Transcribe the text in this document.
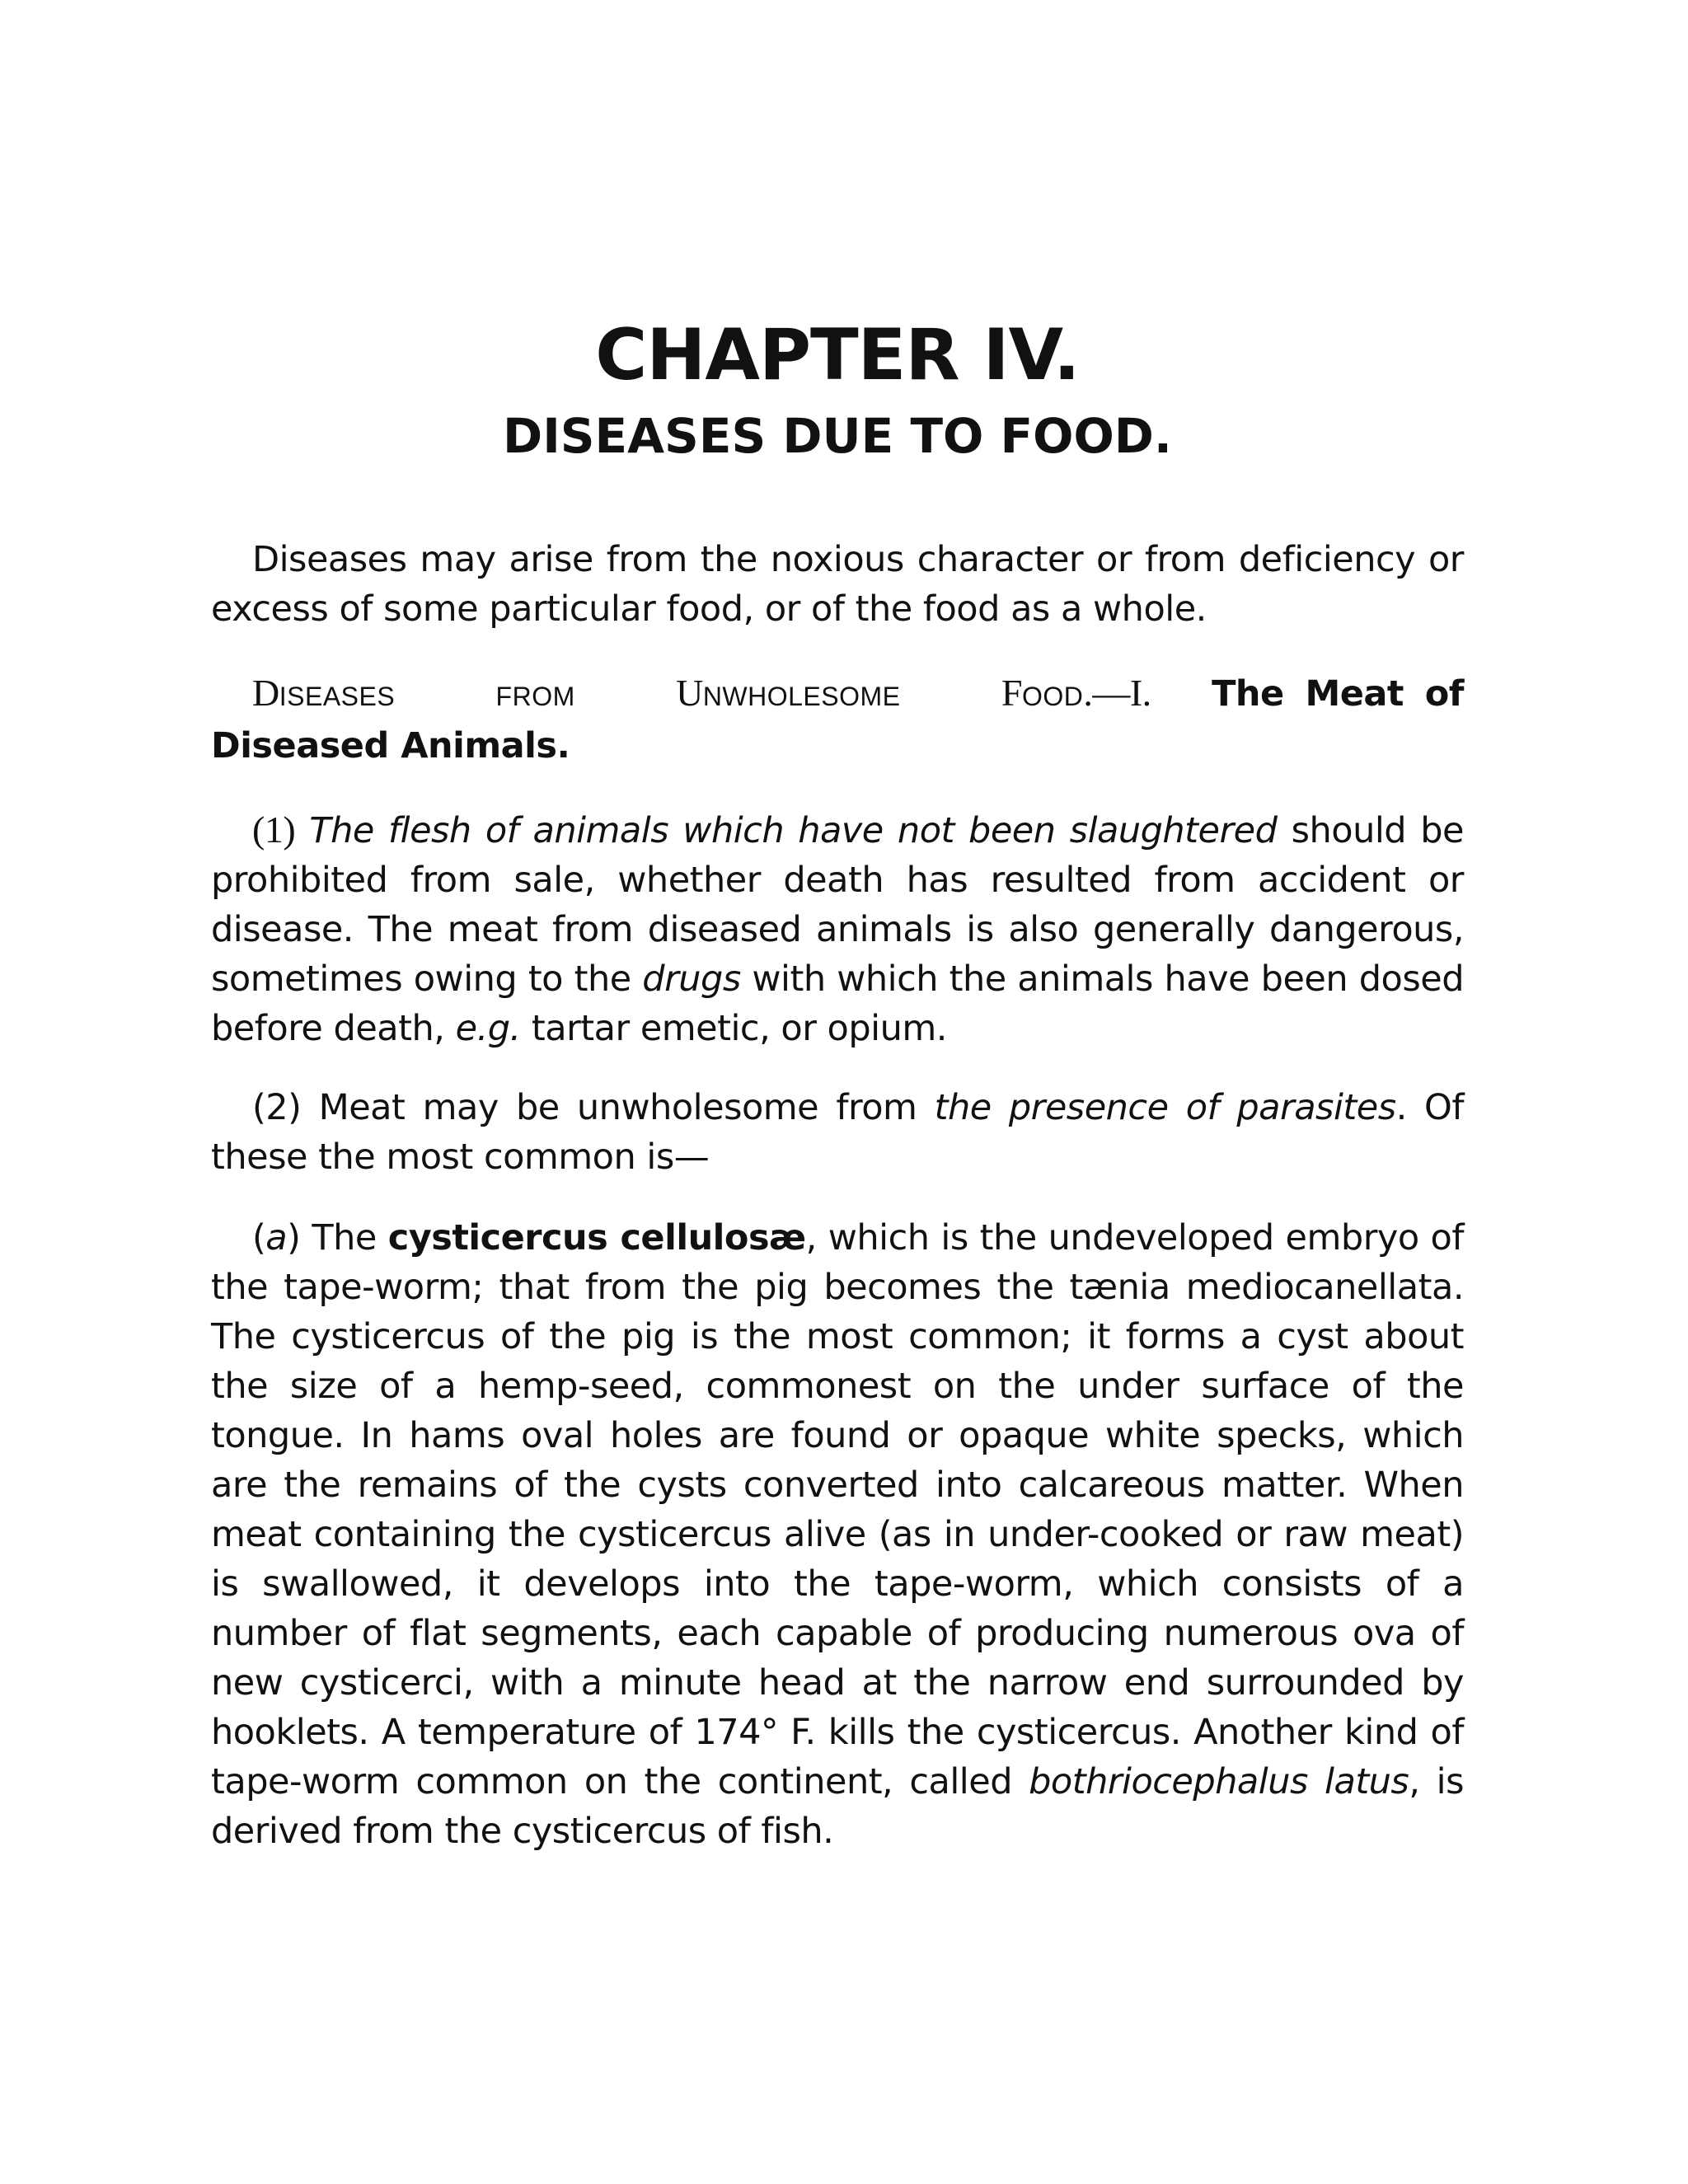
CHAPTER IV.
DISEASES DUE TO FOOD.

Diseases may arise from the noxious character or from deficiency or excess of some particular food, or of the food as a whole.

DISEASES	FROM	UNWHOLESOME	FOOD.—I. The Meat of Diseased Animals.

(1) The flesh of animals which have not been slaughtered should be prohibited from sale, whether death has resulted from accident or disease. The meat from diseased animals is also generally dangerous, sometimes owing to the drugs with which the animals have been dosed before death, e.g. tartar emetic, or opium.

(2) Meat may be unwholesome from the presence of parasites. Of these the most common is—

(a) The cysticercus cellulosæ, which is the undeveloped embryo of the tape-worm; that from the pig becomes the tænia mediocanellata. The cysticercus of the pig is the most common; it forms a cyst about the size of a hemp-seed, commonest on the under surface of the tongue. In hams oval holes are found or opaque white specks, which are the remains of the cysts converted into calcareous matter. When meat containing the cysticercus alive (as in under-cooked or raw meat) is swallowed, it develops into the tape-worm, which consists of a number of flat segments, each capable of producing numerous ova of new cysticerci, with a minute head at the narrow end surrounded by hooklets. A temperature of 174° F. kills the cysticercus. Another kind of tape-worm common on the continent, called bothriocephalus latus, is derived from the cysticercus of fish.
